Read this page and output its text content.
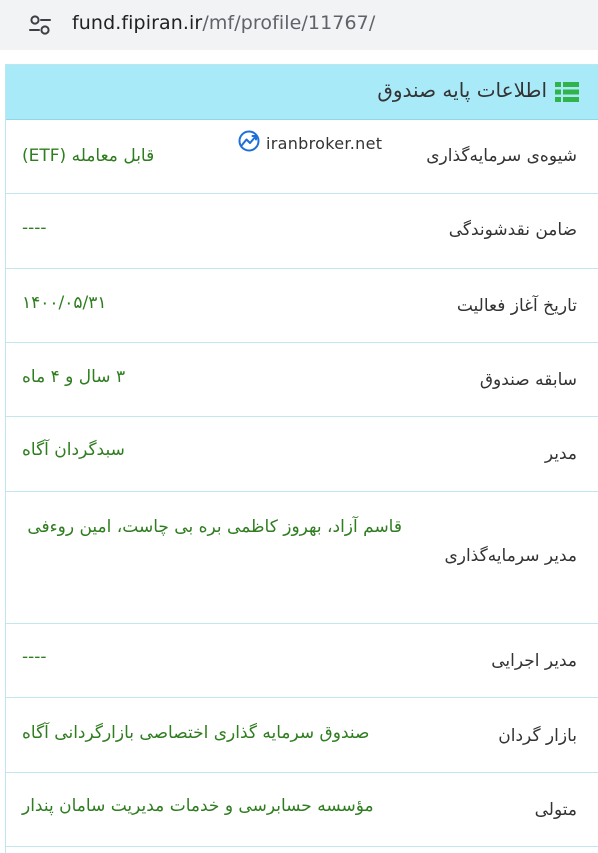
fund.fipiran.ir/mf/profile/11767/
اطلاعات پایه صندوق
شیوه‌ی سرمایه‌گذاری
قابل معامله (ETF)
ضامن نقدشوندگی
----
تاریخ آغاز فعالیت
۱۴۰۰/۰۵/۳۱
سابقه صندوق
۳ سال و ۴ ماه
مدیر
سبدگردان آگاه
مدیر سرمایه‌گذاری
قاسم آزاد، بهروز کاظمی بره بی چاست، امین روءفی
مدیر اجرایی
----
بازار گردان
صندوق سرمایه گذاری اختصاصی بازارگردانی آگاه
متولی
مؤسسه حسابرسی و خدمات مدیریت سامان پندار
iranbroker.net
